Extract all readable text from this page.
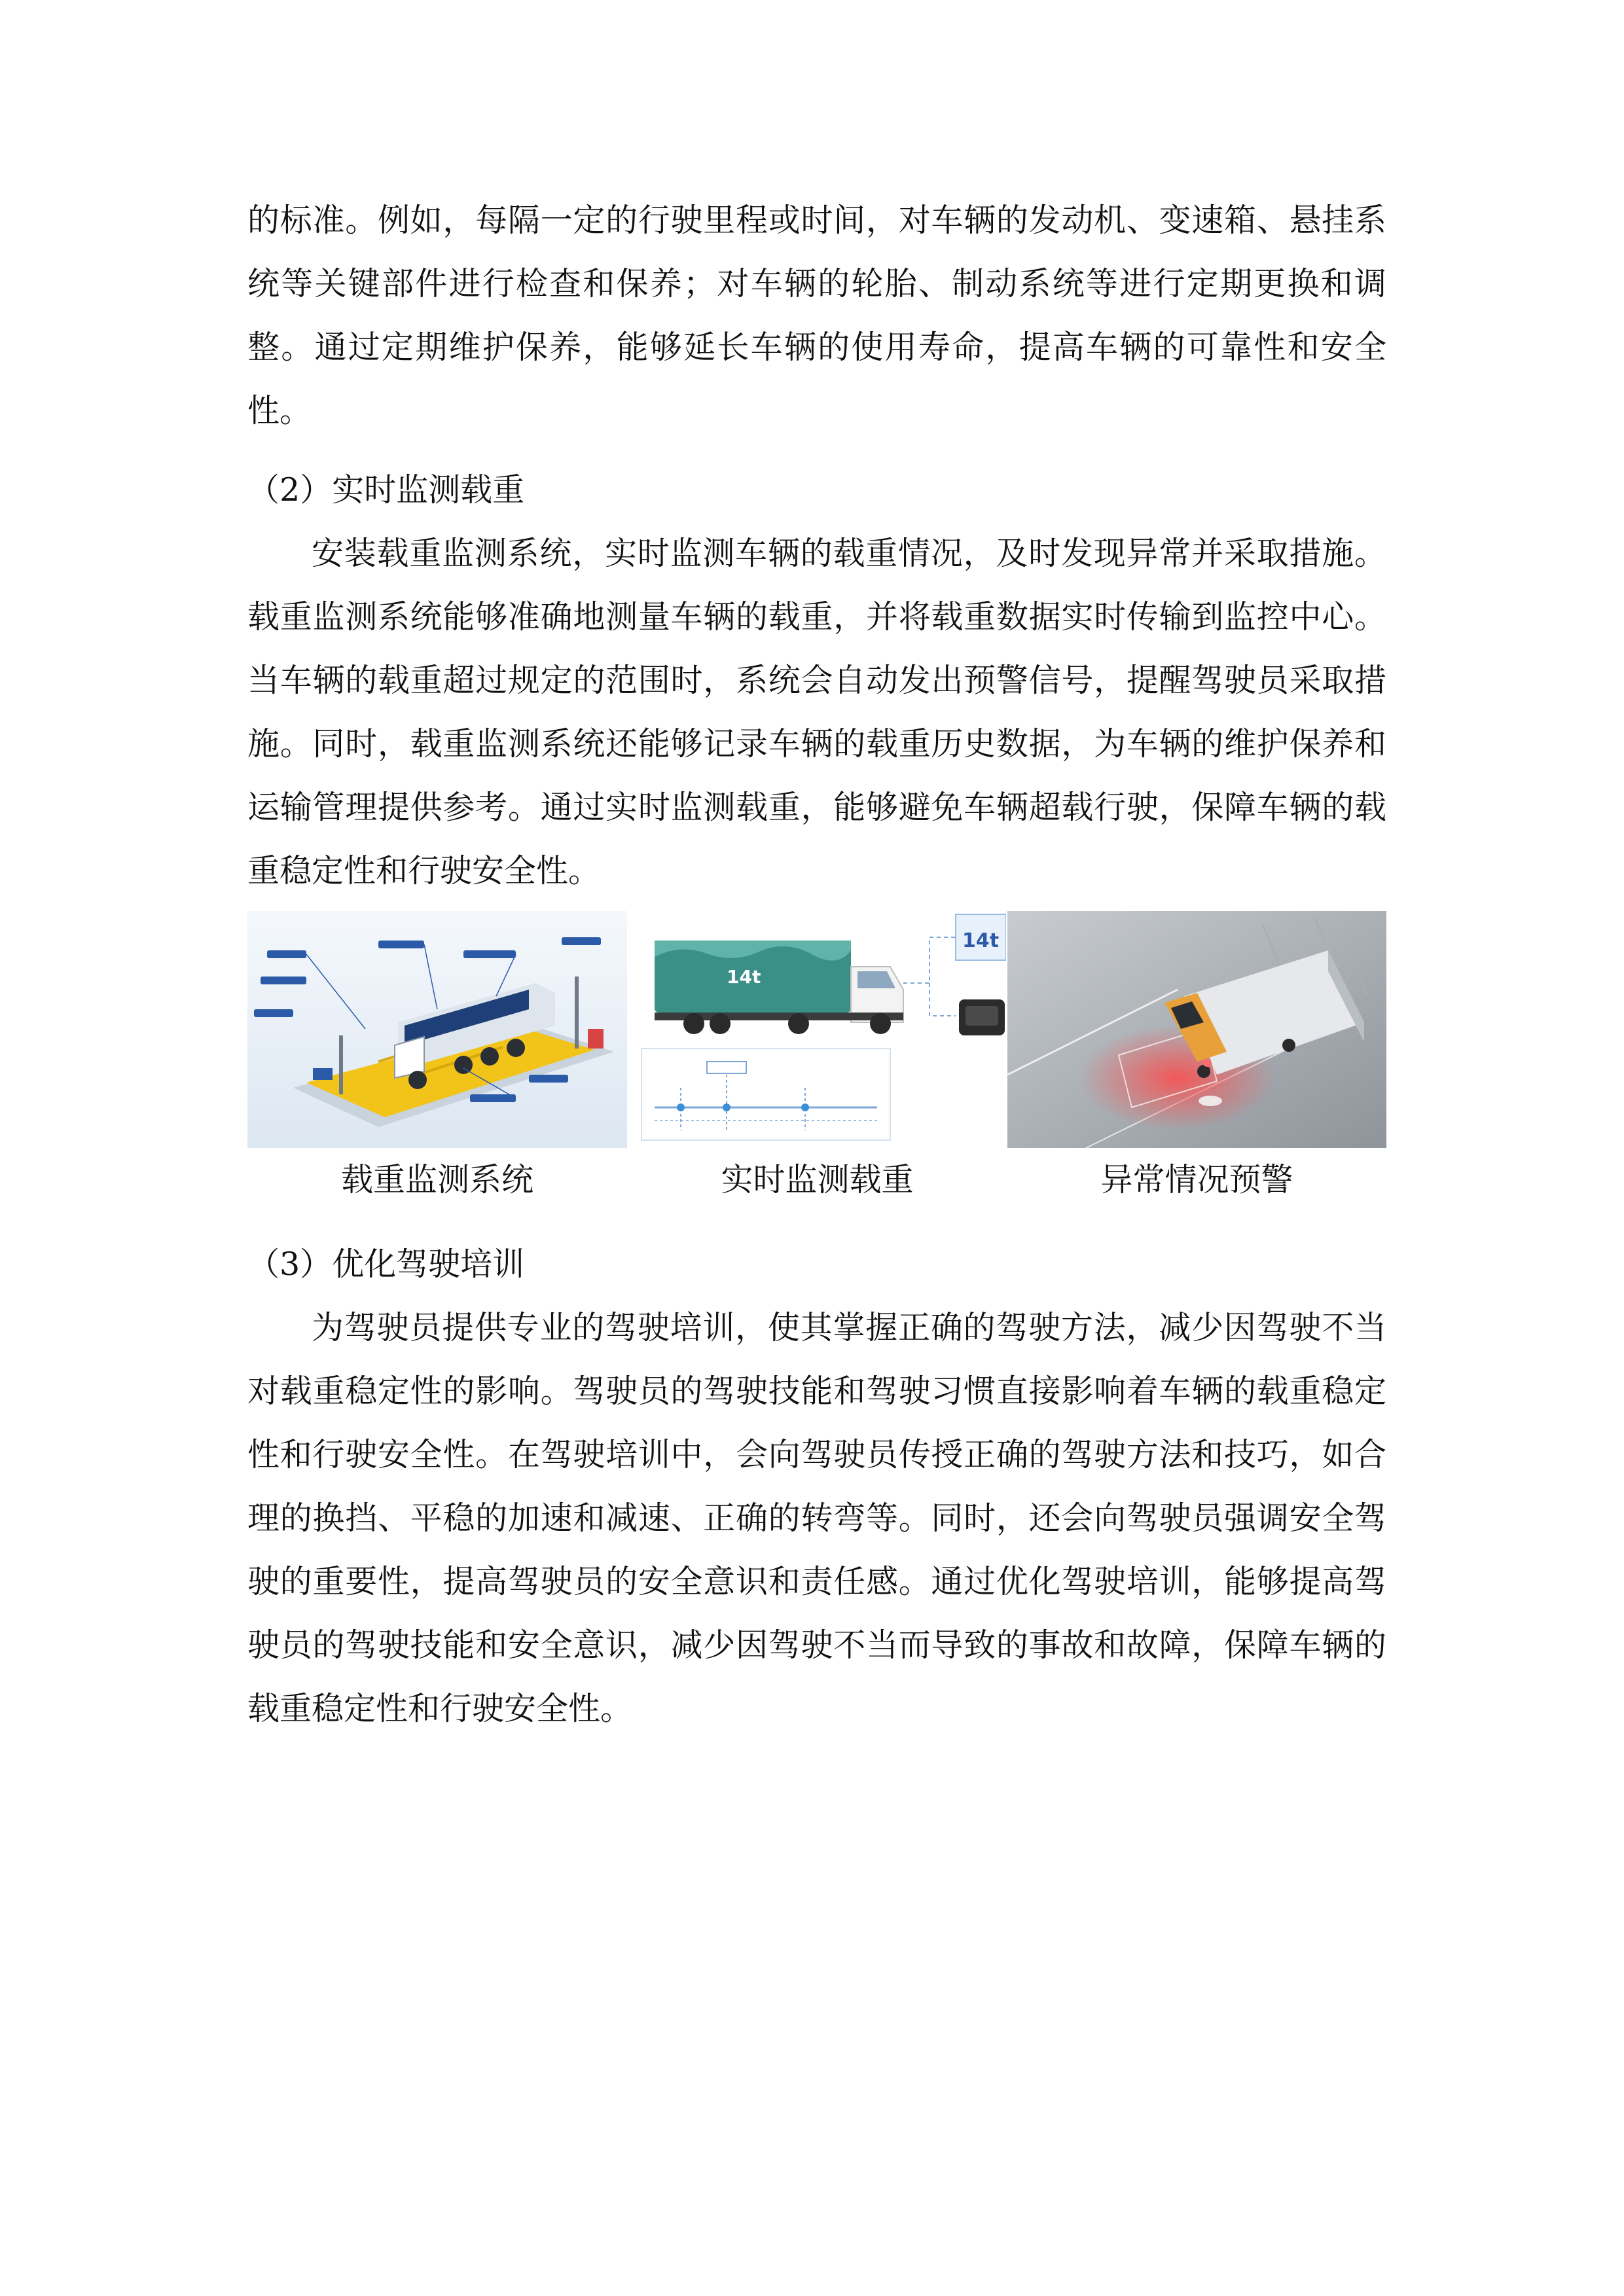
的标准。例如，每隔一定的行驶里程或时间，对车辆的发动机、变速箱、悬挂系统等关键部件进行检查和保养；对车辆的轮胎、制动系统等进行定期更换和调整。通过定期维护保养，能够延长车辆的使用寿命，提高车辆的可靠性和安全性。

（2）实时监测载重

安装载重监测系统，实时监测车辆的载重情况，及时发现异常并采取措施。载重监测系统能够准确地测量车辆的载重，并将载重数据实时传输到监控中心。当车辆的载重超过规定的范围时，系统会自动发出预警信号，提醒驾驶员采取措施。同时，载重监测系统还能够记录车辆的载重历史数据，为车辆的维护保养和运输管理提供参考。通过实时监测载重，能够避免车辆超载行驶，保障车辆的载重稳定性和行驶安全性。

载重监测系统
14t
14t
实时监测载重	异常情况预警

（3）优化驾驶培训

为驾驶员提供专业的驾驶培训，使其掌握正确的驾驶方法，减少因驾驶不当对载重稳定性的影响。驾驶员的驾驶技能和驾驶习惯直接影响着车辆的载重稳定性和行驶安全性。在驾驶培训中，会向驾驶员传授正确的驾驶方法和技巧，如合理的换挡、平稳的加速和减速、正确的转弯等。同时，还会向驾驶员强调安全驾驶的重要性，提高驾驶员的安全意识和责任感。通过优化驾驶培训，能够提高驾驶员的驾驶技能和安全意识，减少因驾驶不当而导致的事故和故障，保障车辆的载重稳定性和行驶安全性。
